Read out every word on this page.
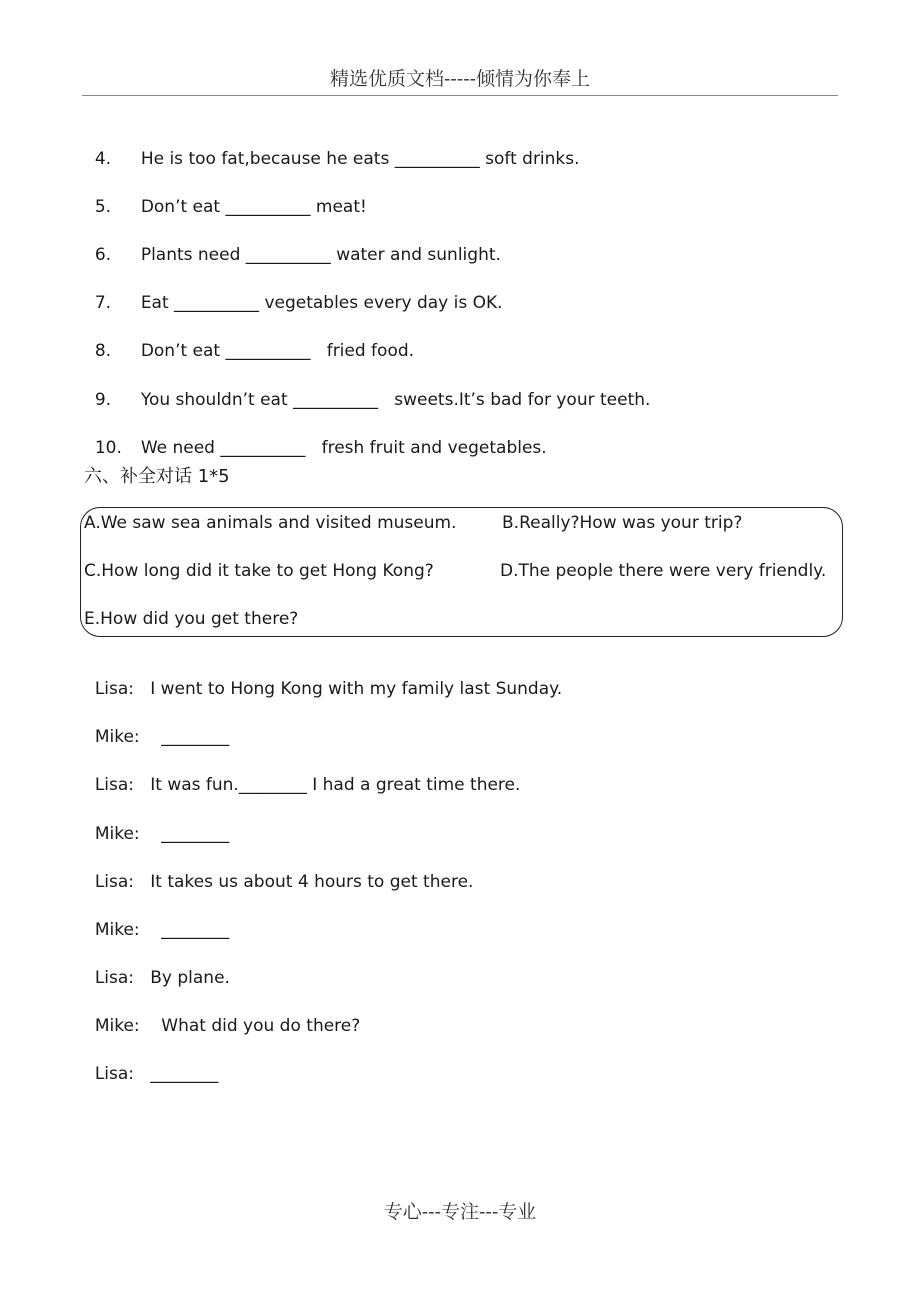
精选优质文档-----倾情为你奉上

4. He is too fat,because he eats __________ soft drinks.

5. Don’t eat __________ meat!

6. Plants need __________ water and sunlight.

7. Eat __________ vegetables every day is OK.

8. Don’t eat __________   fried food.

9. You shouldn’t eat __________   sweets.It’s bad for your teeth.

10. We need __________   fresh fruit and vegetables.

六、补全对话 1*5
A.We saw sea animals and visited museum.	B.Really?How was your trip?
C.How long did it take to get Hong Kong?	D.The people there were very friendly.
E.How did you get there?

Lisa: I went to Hong Kong with my family last Sunday.

Mike:    ________

Lisa: It was fun.________ I had a great time there.

Mike:    ________

Lisa: It takes us about 4 hours to get there.

Mike:    ________

Lisa: By plane.

Mike:    What did you do there?

Lisa: ________

专心---专注---专业
